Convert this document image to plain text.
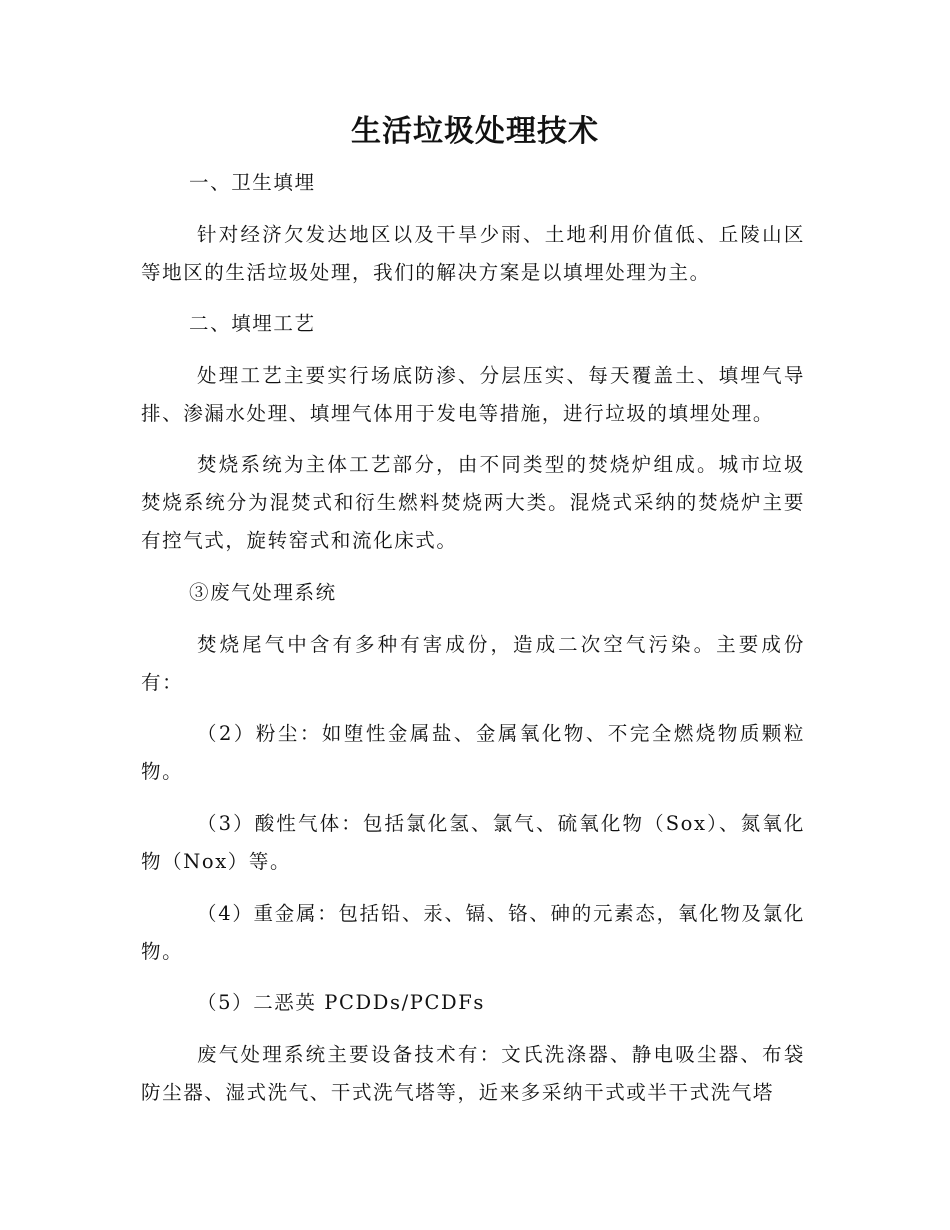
生活垃圾处理技术

一、卫生填埋

针对经济欠发达地区以及干旱少雨、土地利用价值低、丘陵山区等地区的生活垃圾处理，我们的解决方案是以填埋处理为主。

二、填埋工艺

处理工艺主要实行场底防渗、分层压实、每天覆盖土、填埋气导排、渗漏水处理、填埋气体用于发电等措施，进行垃圾的填埋处理。

焚烧系统为主体工艺部分，由不同类型的焚烧炉组成。城市垃圾焚烧系统分为混焚式和衍生燃料焚烧两大类。混烧式采纳的焚烧炉主要有控气式，旋转窑式和流化床式。

③废气处理系统

焚烧尾气中含有多种有害成份，造成二次空气污染。主要成份有：

（2）粉尘：如堕性金属盐、金属氧化物、不完全燃烧物质颗粒物。

（3）酸性气体：包括氯化氢、氯气、硫氧化物（Sox）、氮氧化物（Nox）等。

（4）重金属：包括铅、汞、镉、铬、砷的元素态，氧化物及氯化物。

（5）二恶英 PCDDs/PCDFs

废气处理系统主要设备技术有：文氏洗涤器、静电吸尘器、布袋防尘器、湿式洗气、干式洗气塔等，近来多采纳干式或半干式洗气塔
